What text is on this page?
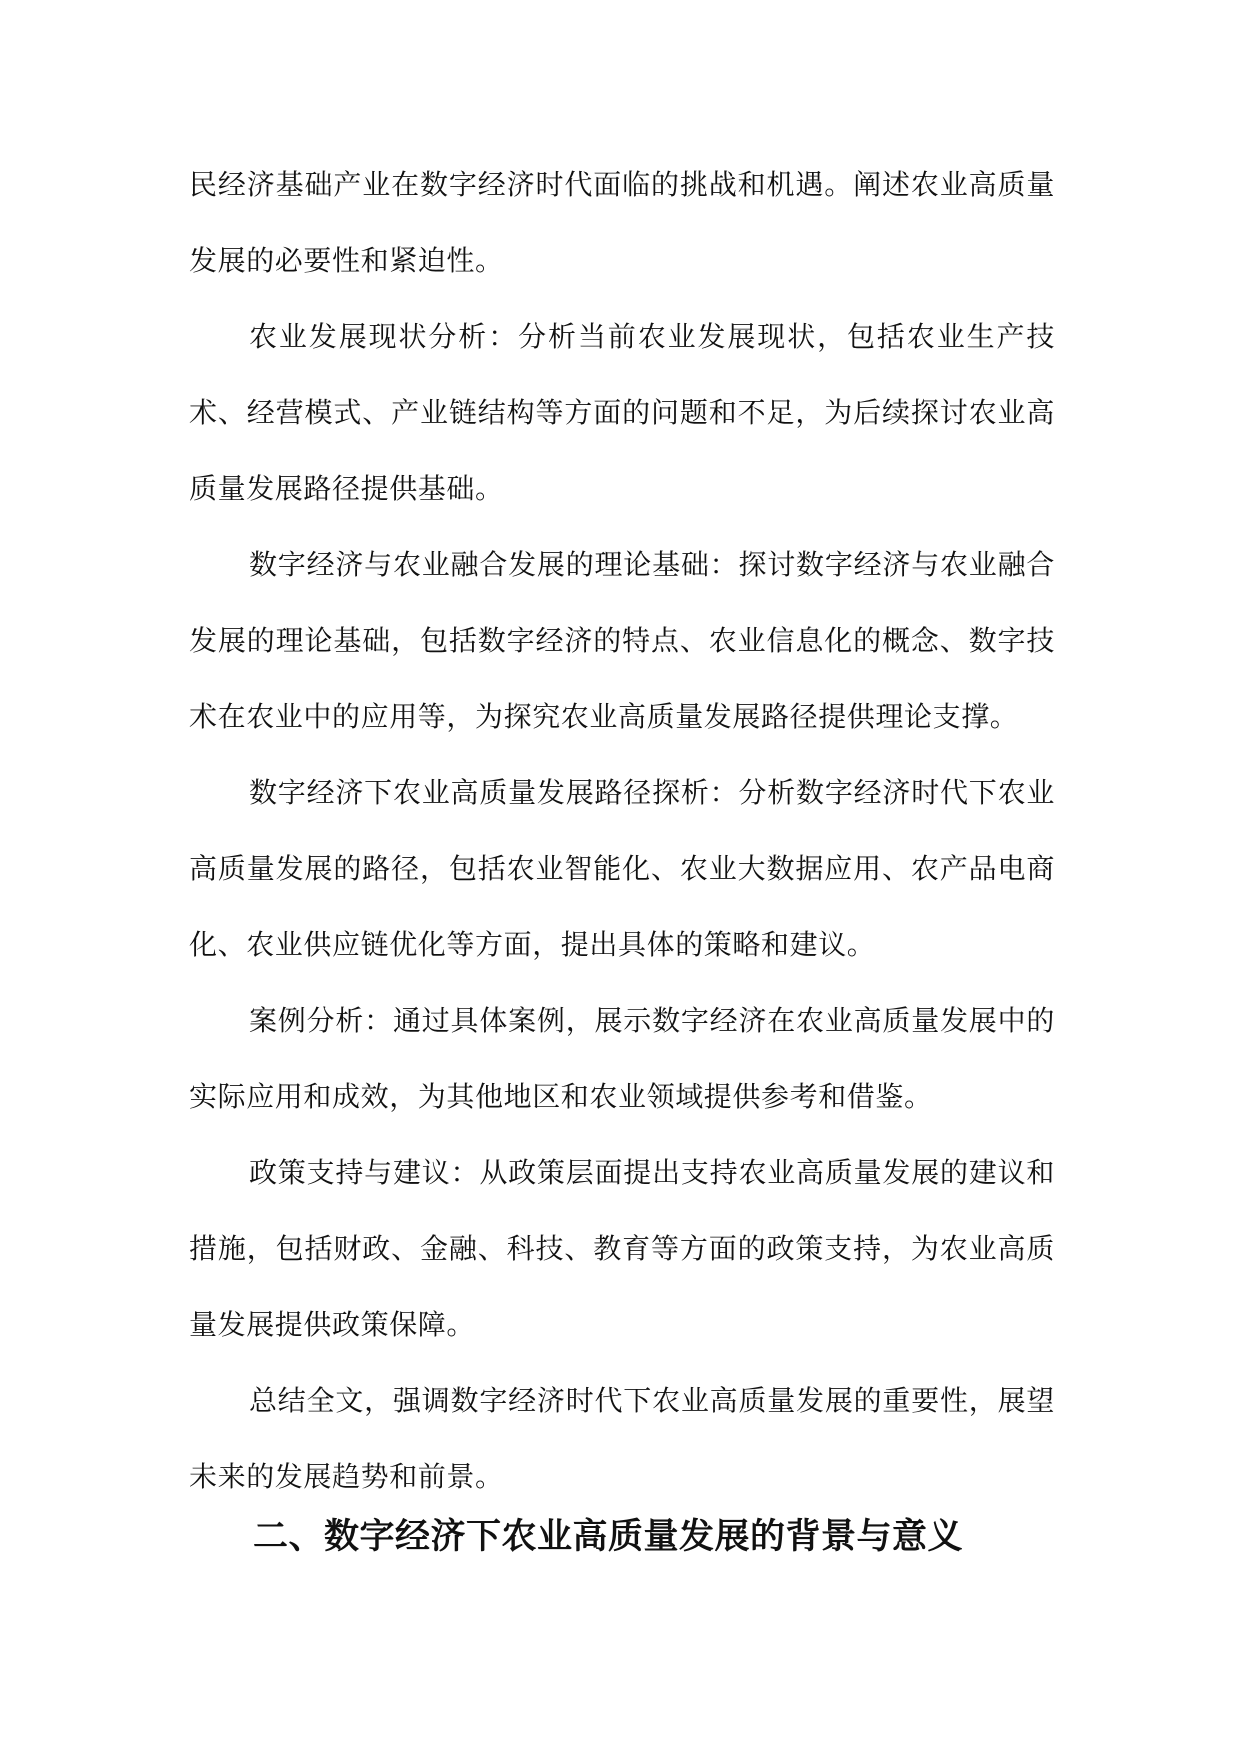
民经济基础产业在数字经济时代面临的挑战和机遇。阐述农业高质量发展的必要性和紧迫性。

农业发展现状分析：分析当前农业发展现状，包括农业生产技术、经营模式、产业链结构等方面的问题和不足，为后续探讨农业高质量发展路径提供基础。

数字经济与农业融合发展的理论基础：探讨数字经济与农业融合发展的理论基础，包括数字经济的特点、农业信息化的概念、数字技术在农业中的应用等，为探究农业高质量发展路径提供理论支撑。

数字经济下农业高质量发展路径探析：分析数字经济时代下农业高质量发展的路径，包括农业智能化、农业大数据应用、农产品电商化、农业供应链优化等方面，提出具体的策略和建议。

案例分析：通过具体案例，展示数字经济在农业高质量发展中的实际应用和成效，为其他地区和农业领域提供参考和借鉴。

政策支持与建议：从政策层面提出支持农业高质量发展的建议和措施，包括财政、金融、科技、教育等方面的政策支持，为农业高质量发展提供政策保障。

总结全文，强调数字经济时代下农业高质量发展的重要性，展望未来的发展趋势和前景。

二、数字经济下农业高质量发展的背景与意义
